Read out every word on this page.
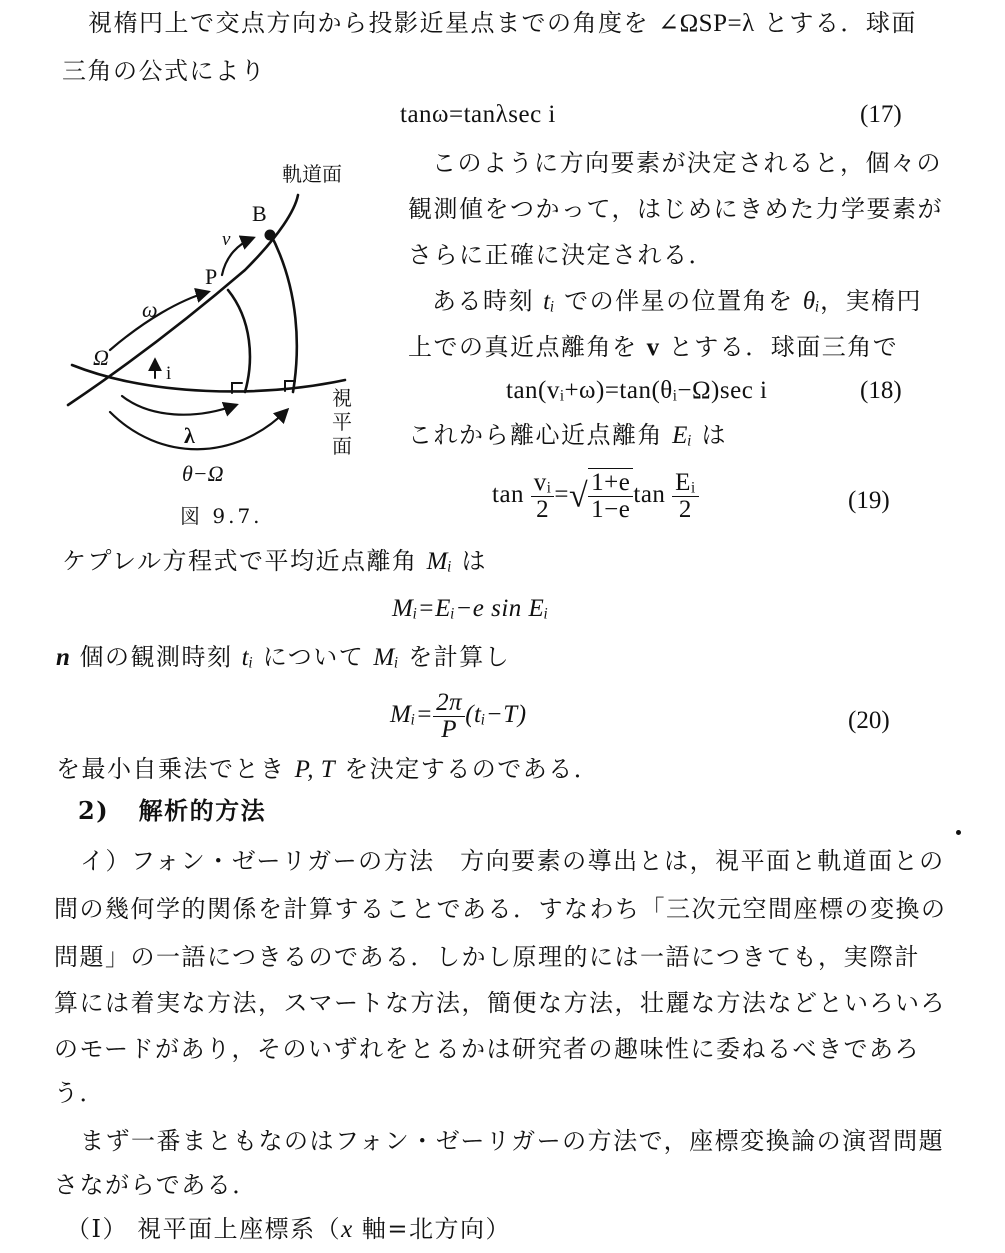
視楕円上で交点方向から投影近星点までの角度を ∠ΩSP=λ とする．球面
三角の公式により
tanω=tanλsec i	(17)
このように方向要素が決定されると，個々の
観測値をつかって，はじめにきめた力学要素が
さらに正確に決定される．
ある時刻 tᵢ での伴星の位置角を θᵢ，実楕円
上での真近点離角を v とする．球面三角で
tan(vᵢ+ω)=tan(θᵢ−Ω)sec i	(18)
これから離心近点離角 Eᵢ は
$\tan \frac{\text{vᵢ}}{2}$ =√ $\frac{1+e}{1-e}$ $\tan \frac{\text{Eᵢ}}{2}$	(19)
ケプレル方程式で平均近点離角 Mᵢ は
Mᵢ=Eᵢ−e sin Eᵢ
n 個の観測時刻 tᵢ について Mᵢ を計算し
Mᵢ= $\frac{2\pi}{P}$ (tᵢ−T)	(20)
を最小自乗法でとき P, T を決定するのである．
2) 解析的方法
イ）フォン・ゼーリガーの方法　方向要素の導出とは，視平面と軌道面との
間の幾何学的関係を計算することである．すなわち「三次元空間座標の変換の
問題」の一語につきるのである．しかし原理的には一語につきても，実際計
算には着実な方法，スマートな方法，簡便な方法，壮麗な方法などといろいろ
のモードがあり，そのいずれをとるかは研究者の趣味性に委ねるべきであろ
う．
まず一番まともなのはフォン・ゼーリガーの方法で，座標変換論の演習問題
さながらである．
（I） 視平面上座標系（x 軸=北方向）
軌道面
B
v
P
ω
Ω
i
視
平
面
λ
θ−Ω
図 9.7.
